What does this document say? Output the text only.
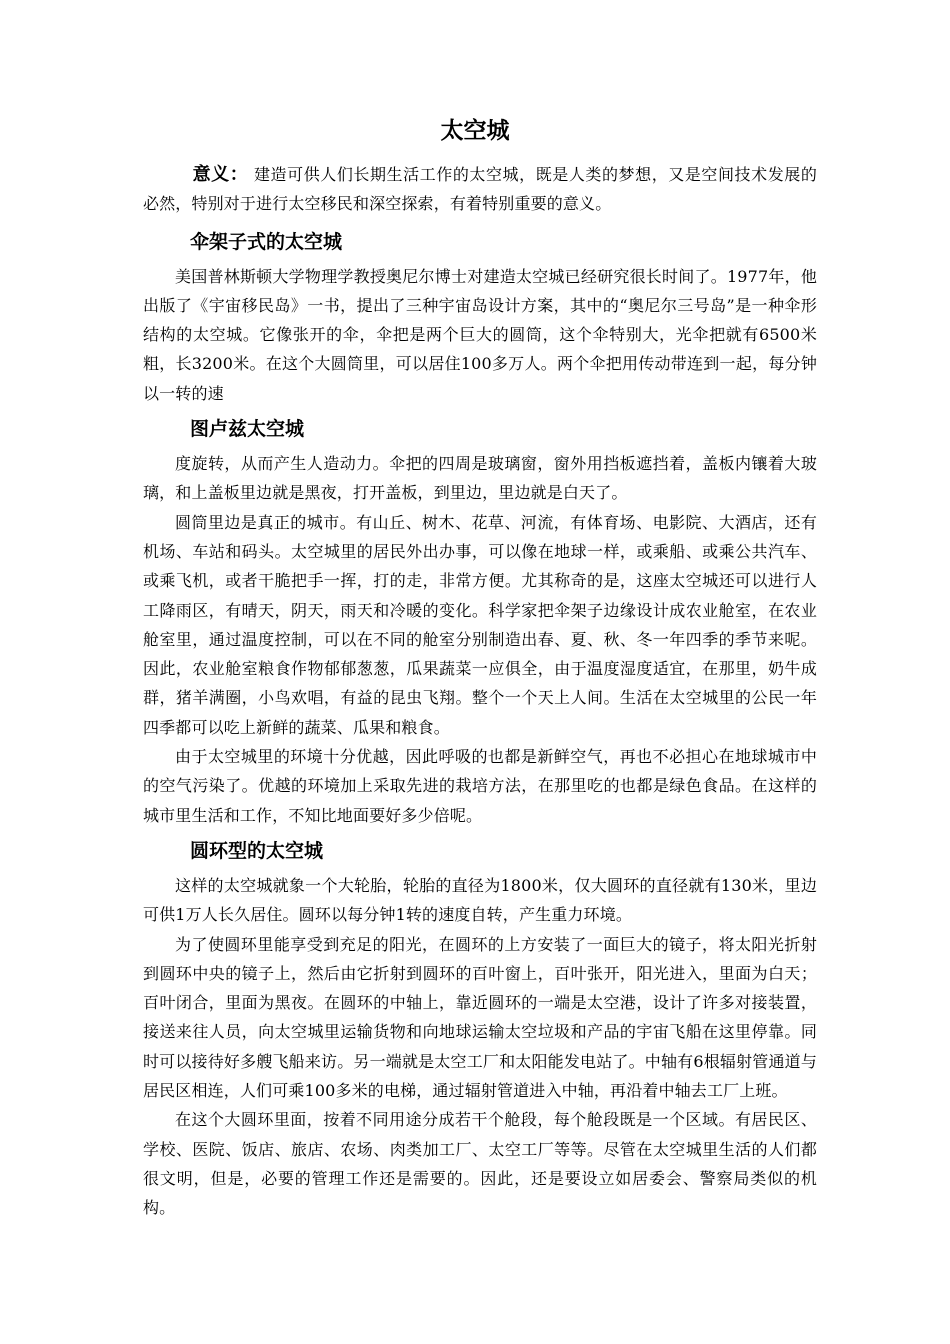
太空城

意义： 建造可供人们长期生活工作的太空城，既是人类的梦想，又是空间技术发展的必然，特别对于进行太空移民和深空探索，有着特别重要的意义。

伞架子式的太空城

美国普林斯顿大学物理学教授奥尼尔博士对建造太空城已经研究很长时间了。1977年，他出版了《宇宙移民岛》一书，提出了三种宇宙岛设计方案，其中的“奥尼尔三号岛”是一种伞形结构的太空城。它像张开的伞，伞把是两个巨大的圆筒，这个伞特别大，光伞把就有6500米粗，长3200米。在这个大圆筒里，可以居住100多万人。两个伞把用传动带连到一起，每分钟以一转的速

图卢兹太空城

度旋转，从而产生人造动力。伞把的四周是玻璃窗，窗外用挡板遮挡着，盖板内镶着大玻璃，和上盖板里边就是黑夜，打开盖板，到里边，里边就是白天了。

圆筒里边是真正的城市。有山丘、树木、花草、河流，有体育场、电影院、大酒店，还有机场、车站和码头。太空城里的居民外出办事，可以像在地球一样，或乘船、或乘公共汽车、或乘飞机，或者干脆把手一挥，打的走，非常方便。尤其称奇的是，这座太空城还可以进行人工降雨区，有晴天，阴天，雨天和冷暖的变化。科学家把伞架子边缘设计成农业舱室，在农业舱室里，通过温度控制，可以在不同的舱室分别制造出春、夏、秋、冬一年四季的季节来呢。因此，农业舱室粮食作物郁郁葱葱，瓜果蔬菜一应俱全，由于温度湿度适宜，在那里，奶牛成群，猪羊满圈，小鸟欢唱，有益的昆虫飞翔。整个一个天上人间。生活在太空城里的公民一年四季都可以吃上新鲜的蔬菜、瓜果和粮食。

由于太空城里的环境十分优越，因此呼吸的也都是新鲜空气，再也不必担心在地球城市中的空气污染了。优越的环境加上采取先进的栽培方法，在那里吃的也都是绿色食品。在这样的城市里生活和工作，不知比地面要好多少倍呢。

圆环型的太空城

这样的太空城就象一个大轮胎，轮胎的直径为1800米，仅大圆环的直径就有130米，里边可供1万人长久居住。圆环以每分钟1转的速度自转，产生重力环境。

为了使圆环里能享受到充足的阳光，在圆环的上方安装了一面巨大的镜子，将太阳光折射到圆环中央的镜子上，然后由它折射到圆环的百叶窗上，百叶张开，阳光进入，里面为白天；百叶闭合，里面为黑夜。在圆环的中轴上，靠近圆环的一端是太空港，设计了许多对接装置，接送来往人员，向太空城里运输货物和向地球运输太空垃圾和产品的宇宙飞船在这里停靠。同时可以接待好多艘飞船来访。另一端就是太空工厂和太阳能发电站了。中轴有6根辐射管通道与居民区相连，人们可乘100多米的电梯，通过辐射管道进入中轴，再沿着中轴去工厂上班。

在这个大圆环里面，按着不同用途分成若干个舱段，每个舱段既是一个区域。有居民区、学校、医院、饭店、旅店、农场、肉类加工厂、太空工厂等等。尽管在太空城里生活的人们都很文明，但是，必要的管理工作还是需要的。因此，还是要设立如居委会、警察局类似的机构。
